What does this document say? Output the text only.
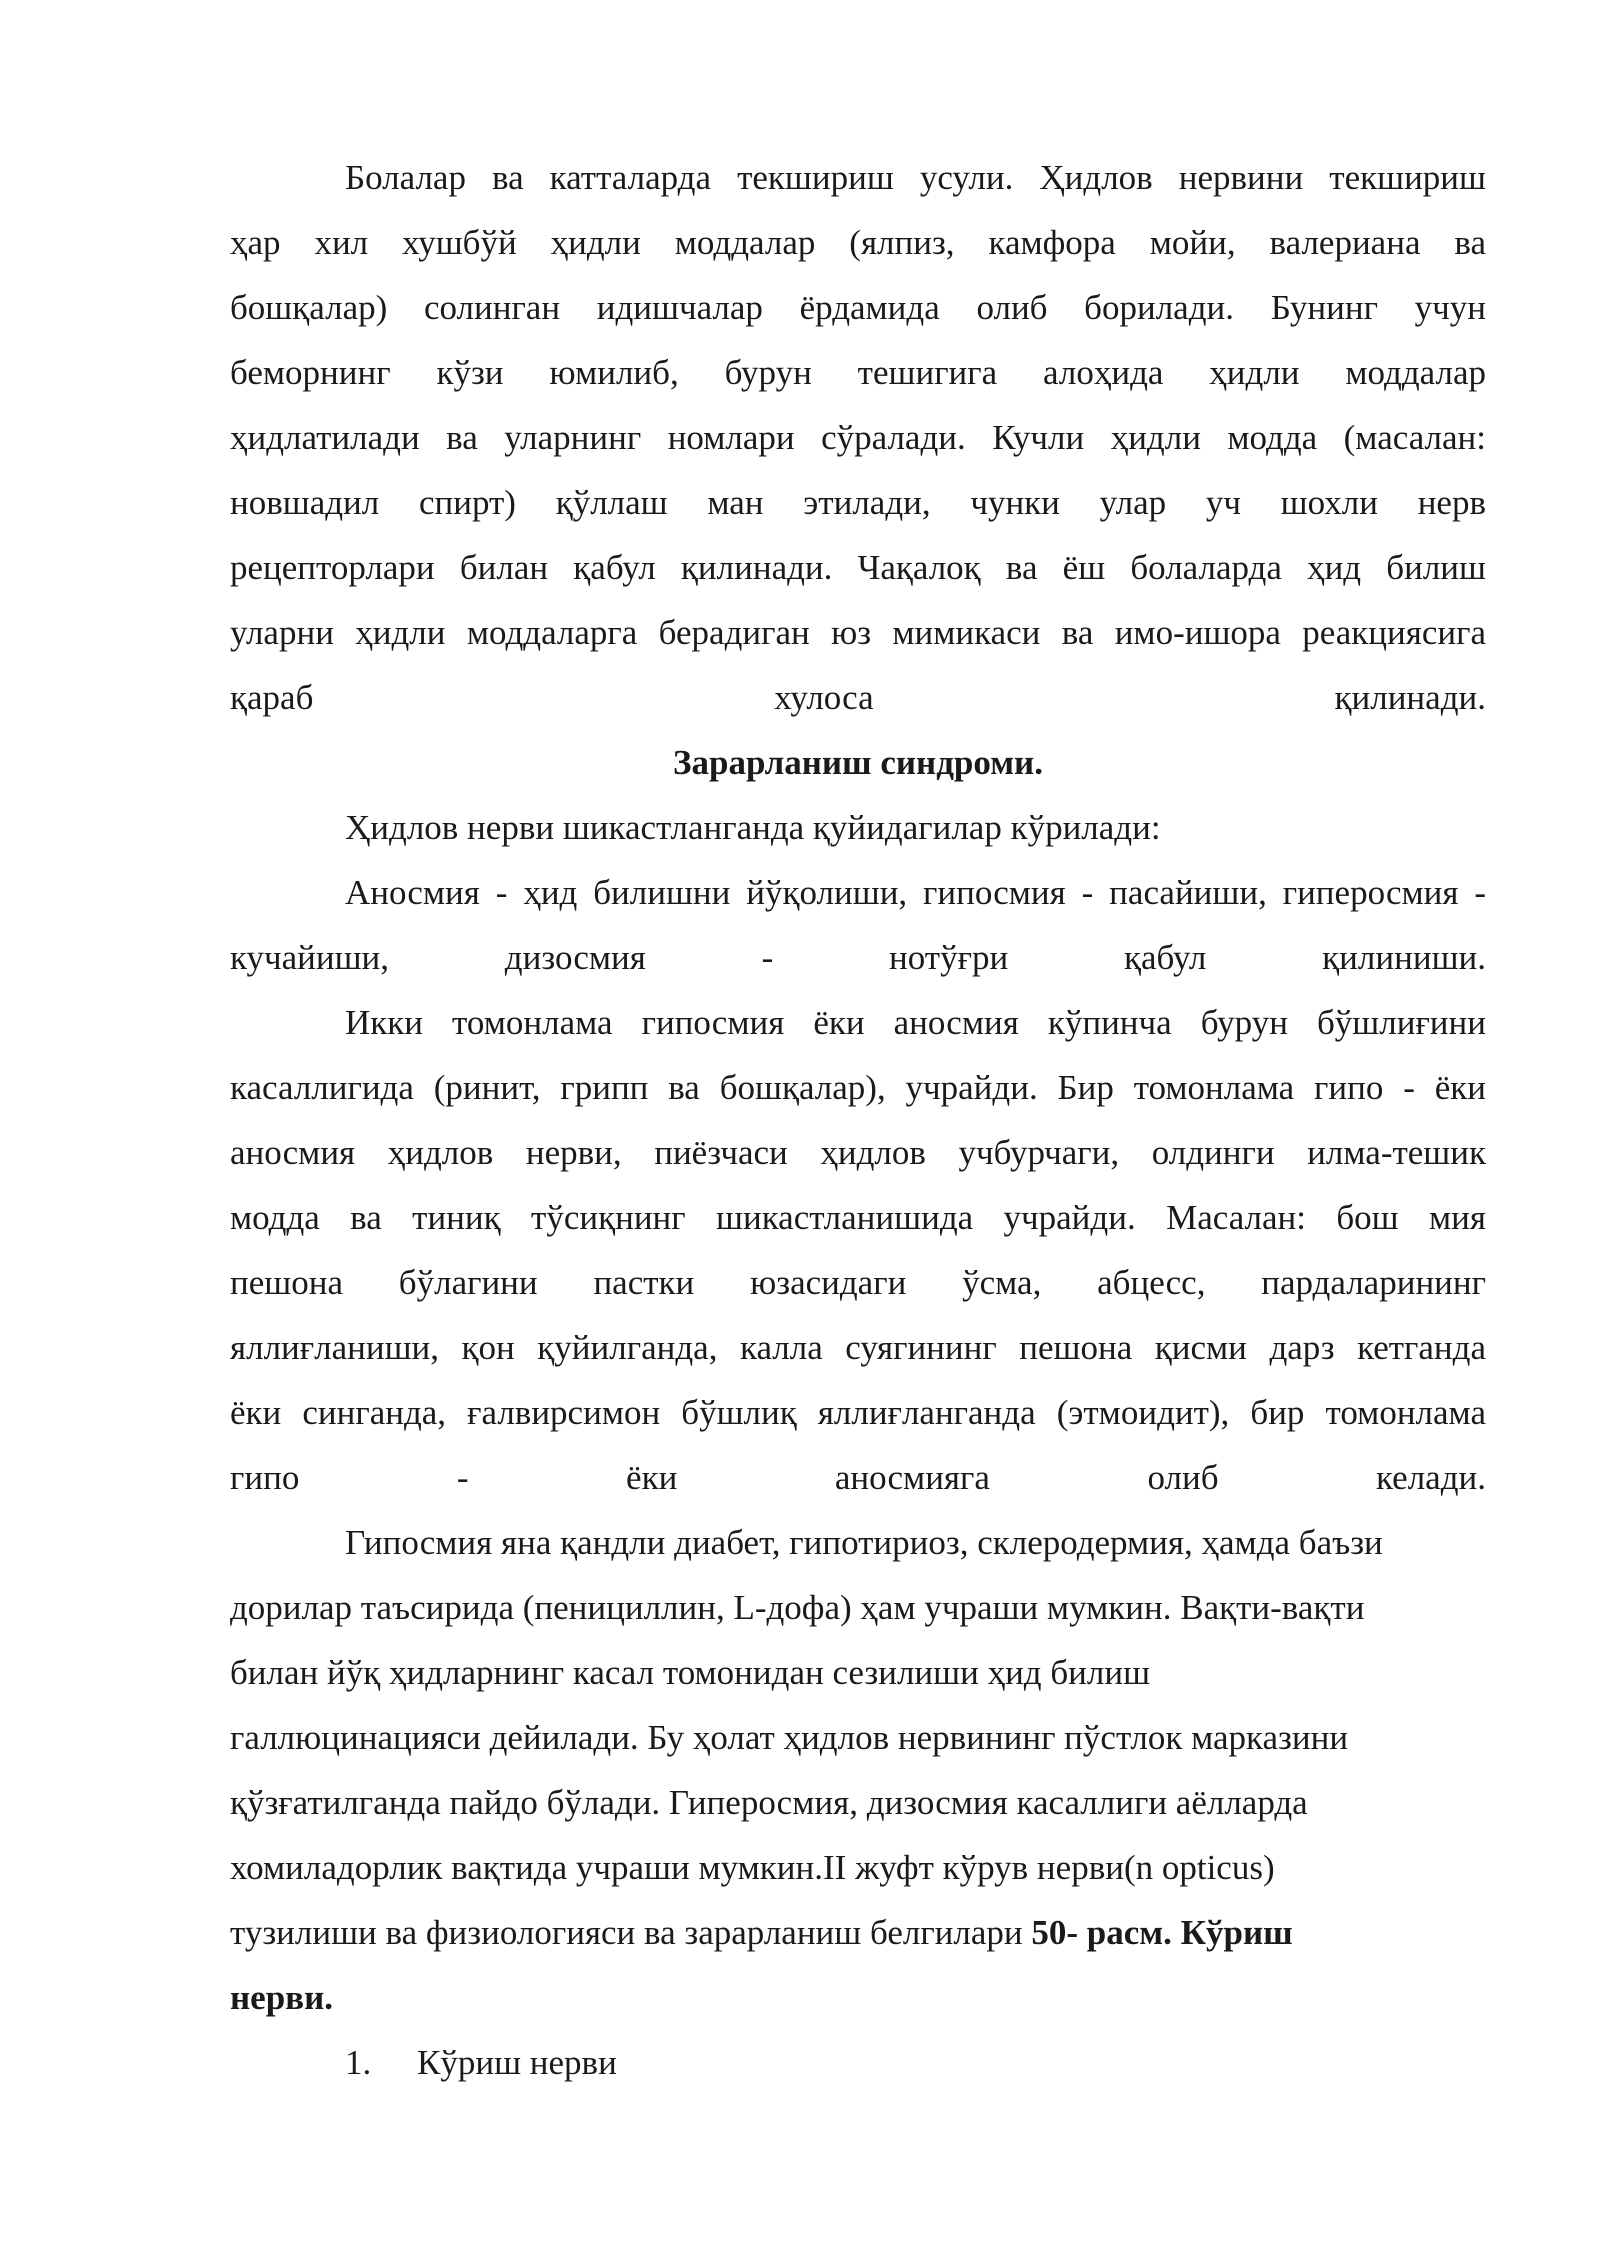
Болалар ва катталарда текшириш усули. Ҳидлов нервини текшириш
ҳар хил хушбўй ҳидли моддалар (ялпиз, камфора мойи, валериана ва
бошқалар) солинган идишчалар ёрдамида олиб борилади. Бунинг учун
беморнинг кўзи юмилиб, бурун тешигига алоҳида ҳидли моддалар
ҳидлатилади ва уларнинг номлари сўралади. Кучли ҳидли модда (масалан:
новшадил спирт) қўллаш ман этилади, чунки улар уч шохли нерв
рецепторлари билан қабул қилинади. Чақалоқ ва ёш болаларда ҳид билиш
уларни ҳидли моддаларга берадиган юз мимикаси ва имо-ишора реакциясига
қараб хулоса қилинади.
Зарарланиш синдроми.
Ҳидлов нерви шикастланганда қуйидагилар кўрилади:
Аносмия - ҳид билишни йўқолиши, гипосмия - пасайиши, гиперосмия -
кучайиши, дизосмия - нотўғри қабул қилиниши.
Икки томонлама гипосмия ёки аносмия кўпинча бурун бўшлиғини
касаллигида (ринит, грипп ва бошқалар), учрайди. Бир томонлама гипо - ёки
аносмия ҳидлов нерви, пиёзчаси ҳидлов учбурчаги, олдинги илма-тешик
модда ва тиниқ тўсиқнинг шикастланишида учрайди. Масалан: бош мия
пешона бўлагини пастки юзасидаги ўсма, абцесс, пардаларининг
яллиғланиши, қон қуйилганда, калла суягининг пешона қисми дарз кетганда
ёки синганда, ғалвирсимон бўшлиқ яллиғланганда (этмоидит), бир томонлама
гипо - ёки аносмияга олиб келади.
Гипосмия яна қандли диабет, гипотириоз, склеродермия, ҳамда баъзи
дорилар таъсирида (пенициллин, L-дофа) ҳам учраши мумкин. Вақти-вақти
билан йўқ ҳидларнинг касал томонидан сезилиши ҳид билиш
галлюцинацияси дейилади. Бу ҳолат ҳидлов нервининг пўстлок марказини
қўзғатилганда пайдо бўлади. Гиперосмия, дизосмия касаллиги аёлларда
хомиладорлик вақтида учраши мумкин.II жуфт кўрув нерви(n opticus)
тузилиши ва физиологияси ва зарарланиш белгилари 50- расм. Кўриш
нерви.
1. Кўриш нерви
